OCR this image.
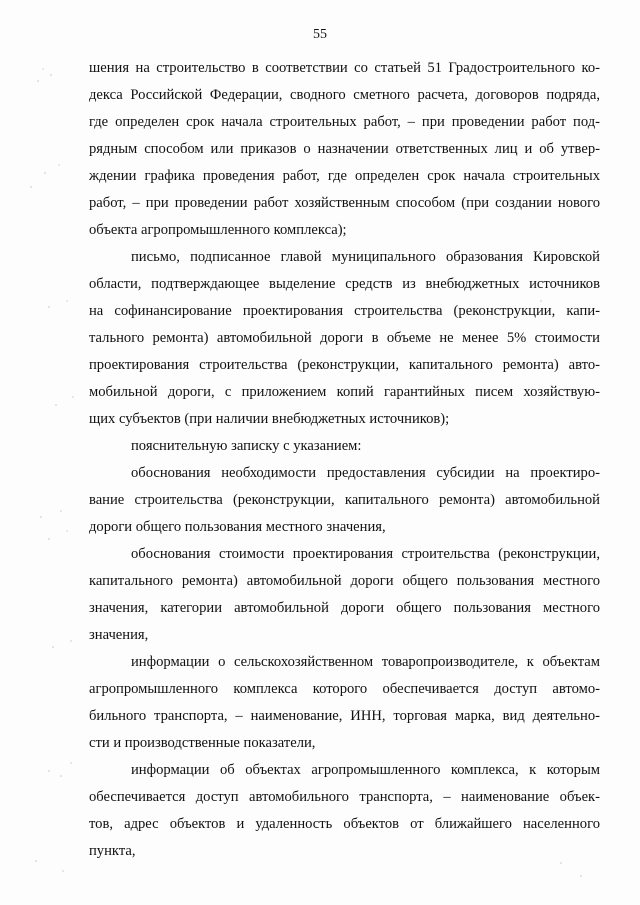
55
шения на строительство в соответствии со статьей 51 Градостроительного ко-
декса Российской Федерации, сводного сметного расчета, договоров подряда,
где определен срок начала строительных работ, – при проведении работ под-
рядным способом или приказов о назначении ответственных лиц и об утвер-
ждении графика проведения работ, где определен срок начала строительных
работ, – при проведении работ хозяйственным способом (при создании нового
объекта агропромышленного комплекса);
письмо, подписанное главой муниципального образования Кировской
области, подтверждающее выделение средств из внебюджетных источников
на софинансирование проектирования строительства (реконструкции, капи-
тального ремонта) автомобильной дороги в объеме не менее 5% стоимости
проектирования строительства (реконструкции, капитального ремонта) авто-
мобильной дороги, с приложением копий гарантийных писем хозяйствую-
щих субъектов (при наличии внебюджетных источников);
пояснительную записку с указанием:
обоснования необходимости предоставления субсидии на проектиро-
вание строительства (реконструкции, капитального ремонта) автомобильной
дороги общего пользования местного значения,
обоснования стоимости проектирования строительства (реконструкции,
капитального ремонта) автомобильной дороги общего пользования местного
значения, категории автомобильной дороги общего пользования местного
значения,
информации о сельскохозяйственном товаропроизводителе, к объектам
агропромышленного комплекса которого обеспечивается доступ автомо-
бильного транспорта, – наименование, ИНН, торговая марка, вид деятельно-
сти и производственные показатели,
информации об объектах агропромышленного комплекса, к которым
обеспечивается доступ автомобильного транспорта, – наименование объек-
тов, адрес объектов и удаленность объектов от ближайшего населенного
пункта,
